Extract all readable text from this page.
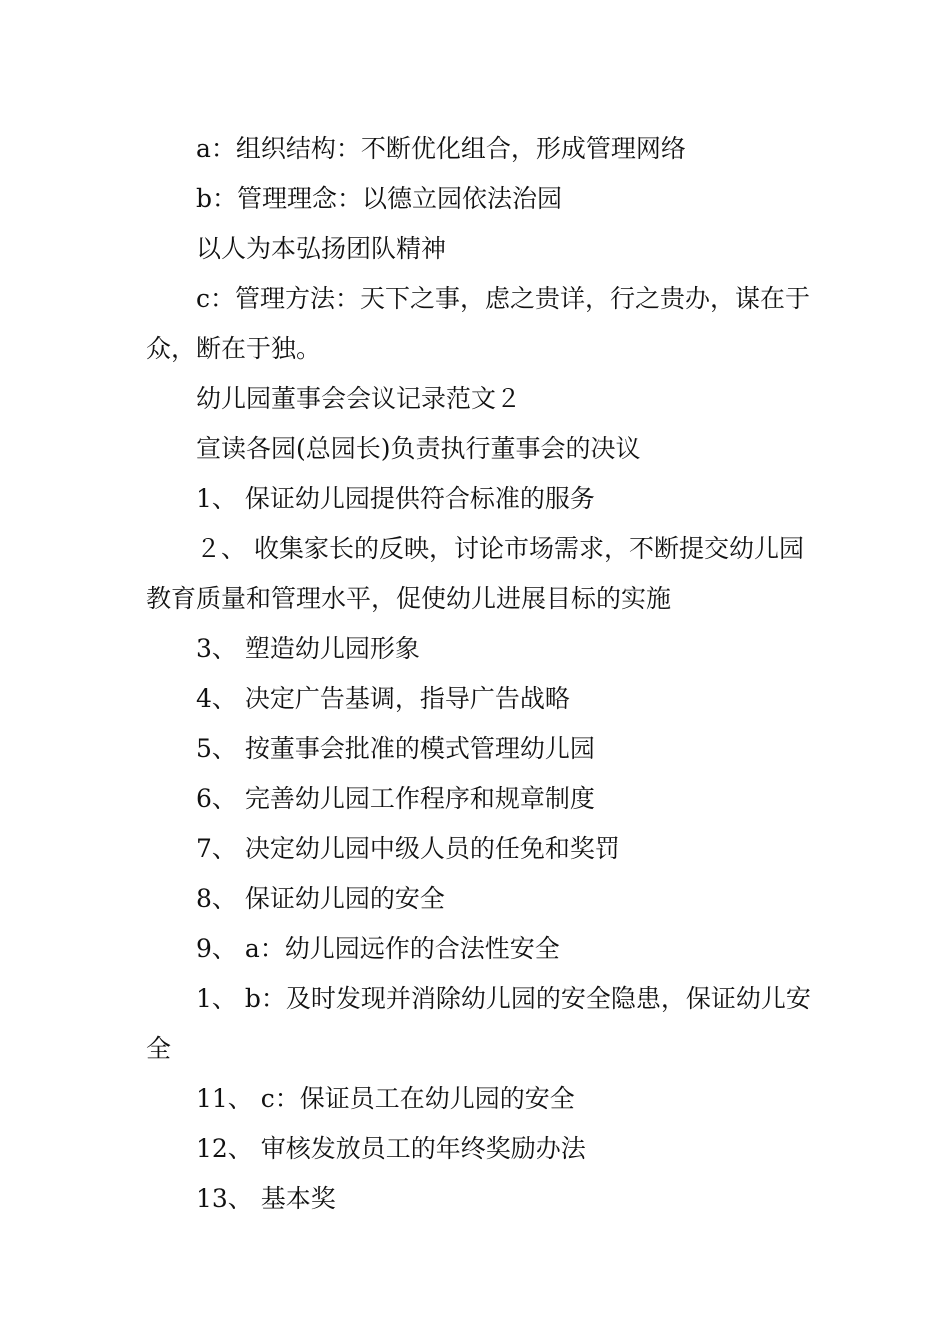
a：组织结构：不断优化组合，形成管理网络

b：管理理念：以德立园依法治园

以人为本弘扬团队精神

c：管理方法：天下之事，虑之贵详，行之贵办，谋在于众，断在于独。

幼儿园董事会会议记录范文２

宣读各园(总园长)负责执行董事会的决议

1、 保证幼儿园提供符合标准的服务

２、 收集家长的反映，讨论市场需求，不断提交幼儿园教育质量和管理水平，促使幼儿进展目标的实施

3、 塑造幼儿园形象

4、 决定广告基调，指导广告战略

5、 按董事会批准的模式管理幼儿园

6、 完善幼儿园工作程序和规章制度

7、 决定幼儿园中级人员的任免和奖罚

8、 保证幼儿园的安全

9、 a：幼儿园远作的合法性安全

1、 b：及时发现并消除幼儿园的安全隐患，保证幼儿安全

11、 c：保证员工在幼儿园的安全

12、 审核发放员工的年终奖励办法

13、 基本奖
